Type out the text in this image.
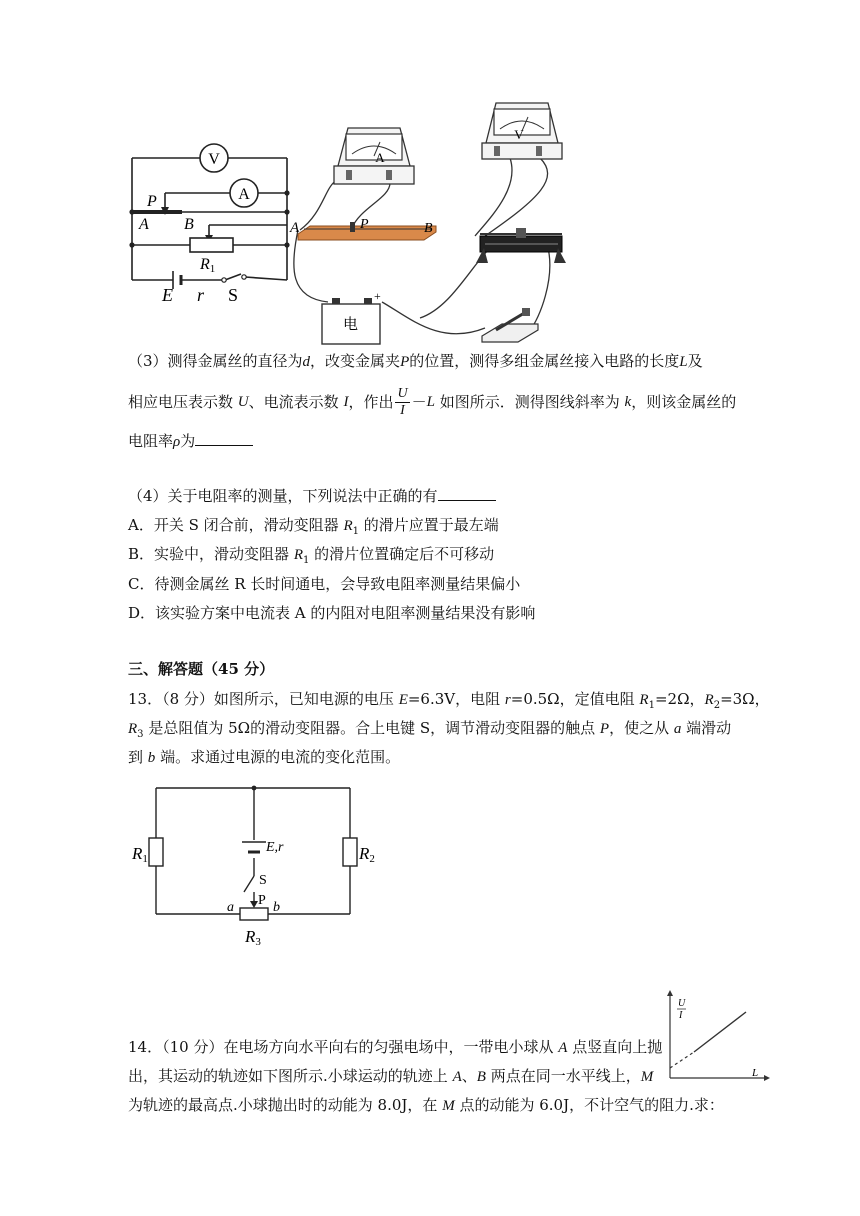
V
A
P
A B
R1
E r S
A
V
A	P	B
电
+
（3）测得金属丝的直径为d，改变金属夹P的位置，测得多组金属丝接入电路的长度L及
相应电压表示数
U 、电流表示数
I ，作出 $\frac{U}{I} - L$
如图所示．测得图线斜率为
k ，则该金属丝的
电阻率ρ为
（4）关于电阻率的测量，下列说法中正确的有
A．开关 S 闭合前，滑动变阻器 $R_1$ 的滑片应置于最左端
B．实验中，滑动变阻器 $R_1$ 的滑片位置确定后不可移动
C．待测金属丝 R 长时间通电，会导致电阻率测量结果偏小
D．该实验方案中电流表 A 的内阻对电阻率测量结果没有影响
三、解答题（45 分）
13．（8 分）如图所示，已知电源的电压 E=6.3V，电阻 r=0.5Ω，定值电阻 $R_1=2\Omega$，$R_2=3\Omega$，
$R_3$ 是总阻值为 5Ω的滑动变阻器。合上电键 S，调节滑动变阻器的触点 P，使之从 a 端滑动
到 b 端。求通过电源的电流的变化范围。
R1	R2
R3
E,r
S
P
a	b
U
I
L
14．（10 分）在电场方向水平向右的匀强电场中，一带电小球从 A 点竖直向上抛
出，其运动的轨迹如下图所示.小球运动的轨迹上 A、B 两点在同一水平线上，M
为轨迹的最高点.小球抛出时的动能为 8.0J，在 M 点的动能为 6.0J，不计空气的阻力.求：
